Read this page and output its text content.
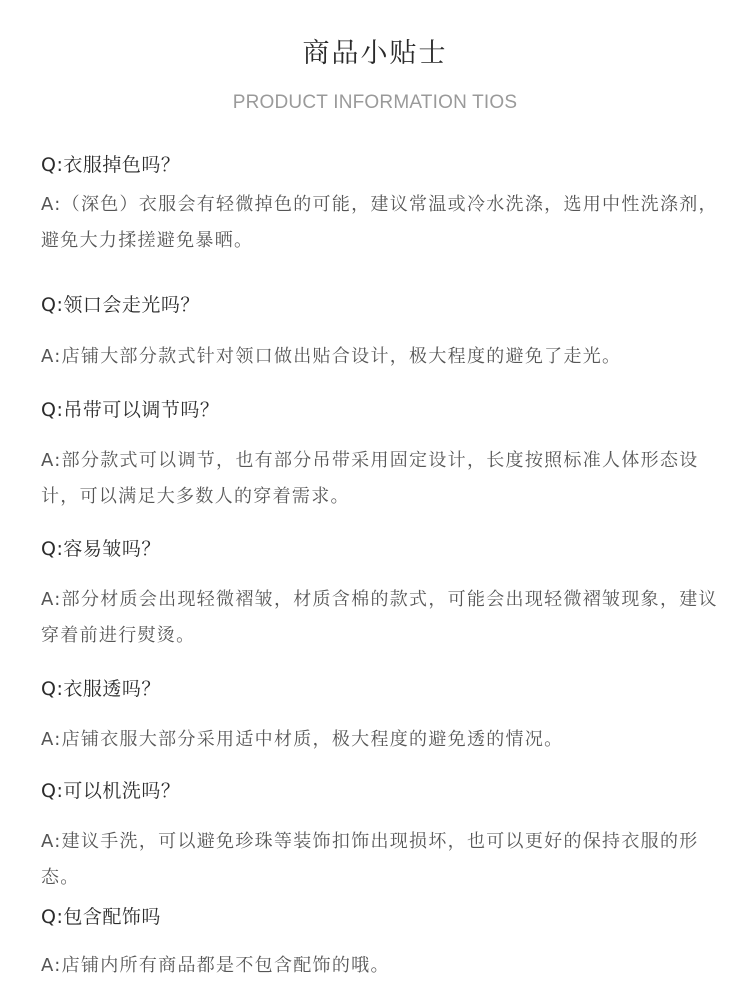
商品小贴士
PRODUCT INFORMATION TIOS

Q:衣服掉色吗？

A:（深色）衣服会有轻微掉色的可能，建议常温或冷水洗涤，选用中性洗涤剂，避免大力揉搓避免暴晒。

Q:领口会走光吗？

A:店铺大部分款式针对领口做出贴合设计，极大程度的避免了走光。

Q:吊带可以调节吗？

A:部分款式可以调节，也有部分吊带采用固定设计，长度按照标准人体形态设计，可以满足大多数人的穿着需求。

Q:容易皱吗？

A:部分材质会出现轻微褶皱，材质含棉的款式，可能会出现轻微褶皱现象，建议穿着前进行熨烫。

Q:衣服透吗？

A:店铺衣服大部分采用适中材质，极大程度的避免透的情况。

Q:可以机洗吗？

A:建议手洗，可以避免珍珠等装饰扣饰出现损坏，也可以更好的保持衣服的形态。

Q:包含配饰吗

A:店铺内所有商品都是不包含配饰的哦。
